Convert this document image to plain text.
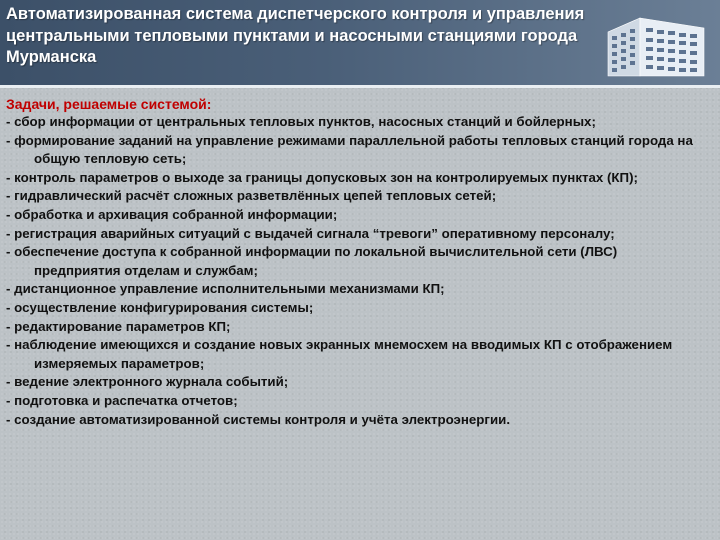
Автоматизированная система диспетчерского контроля и управления центральными тепловыми пунктами и насосными станциями города Мурманска
Задачи, решаемые системой:
- сбор информации от центральных тепловых пунктов, насосных станций и бойлерных;
- формирование заданий на управление режимами параллельной работы тепловых станций города на общую тепловую сеть;
- контроль параметров о выходе за границы допусковых зон на контролируемых пунктах (КП);
- гидравлический расчёт сложных разветвлённых цепей тепловых сетей;
- обработка и архивация собранной информации;
- регистрация аварийных ситуаций с выдачей сигнала “тревоги” оперативному персоналу;
- обеспечение доступа к собранной информации по локальной вычислительной сети (ЛВС) предприятия отделам и службам;
- дистанционное управление исполнительными механизмами КП;
- осуществление конфигурирования системы;
- редактирование параметров КП;
- наблюдение имеющихся и создание новых экранных мнемосхем на вводимых КП с отображением измеряемых параметров;
- ведение электронного журнала событий;
- подготовка и распечатка отчетов;
- создание автоматизированной системы контроля и учёта электроэнергии.
